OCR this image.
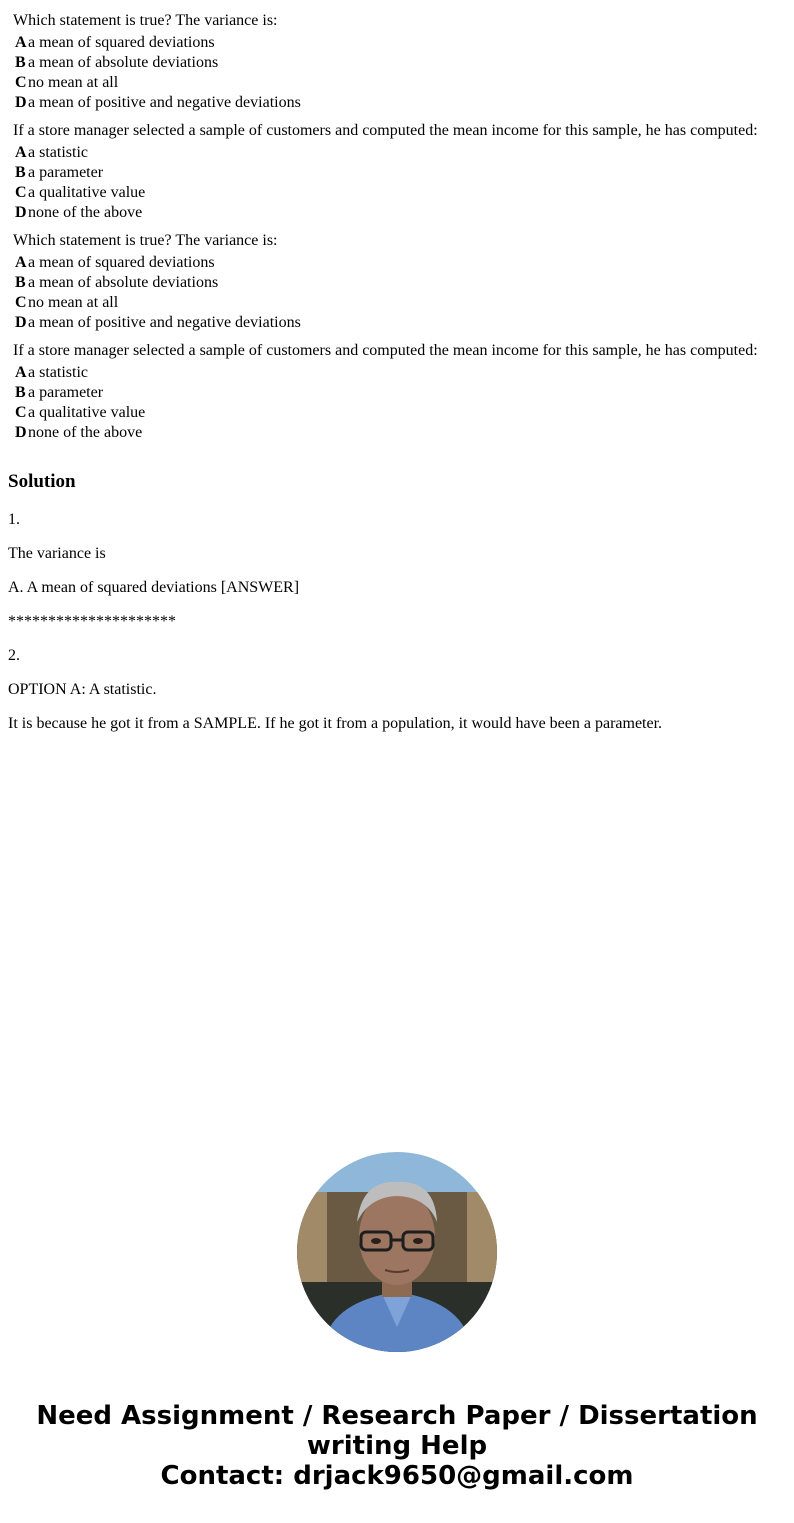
Which statement is true? The variance is:
Aa mean of squared deviations
B a mean of absolute deviations
Cno mean at all
Da mean of positive and negative deviations
If a store manager selected a sample of customers and computed the mean income for this sample, he has computed:
Aa statistic
B a parameter
Ca qualitative value
Dnone of the above
Which statement is true? The variance is:
Aa mean of squared deviations
B a mean of absolute deviations
Cno mean at all
Da mean of positive and negative deviations
If a store manager selected a sample of customers and computed the mean income for this sample, he has computed:
Aa statistic
B a parameter
Ca qualitative value
Dnone of the above
Solution

1.

The variance is

A. A mean of squared deviations [ANSWER]

*********************

2.

OPTION A: A statistic.

It is because he got it from a SAMPLE. If he got it from a population, it would have been a parameter.

Need Assignment / Research Paper / Dissertation
writing Help
Contact: drjack9650@gmail.com
